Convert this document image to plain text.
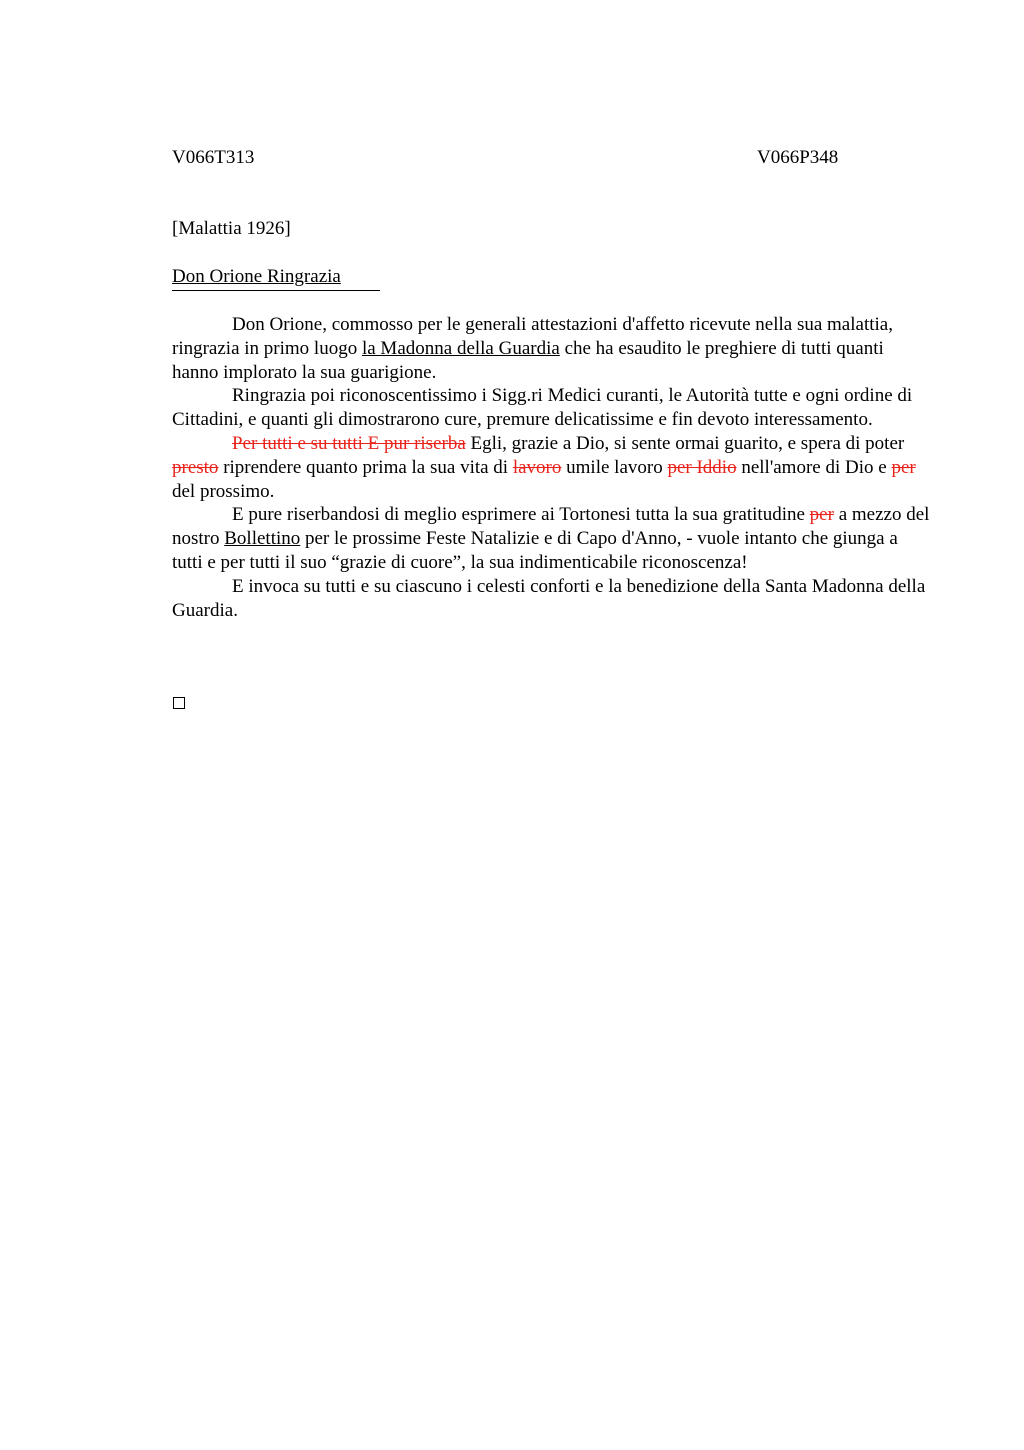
V066T313	V066P348
[Malattia 1926]
Don Orione Ringrazia

Don Orione, commosso per le generali attestazioni d'affetto ricevute nella sua malattia, ringrazia in primo luogo la Madonna della Guardia che ha esaudito le preghiere di tutti quanti hanno implorato la sua guarigione.

Ringrazia poi riconoscentissimo i Sigg.ri Medici curanti, le Autorità tutte e ogni ordine di Cittadini, e quanti gli dimostrarono cure, premure delicatissime e fin devoto interessamento.

Per tutti e su tutti E pur riserba Egli, grazie a Dio, si sente ormai guarito, e spera di poter presto riprendere quanto prima la sua vita di lavoro umile lavoro per Iddio nell'amore di Dio e per del prossimo.

E pure riserbandosi di meglio esprimere ai Tortonesi tutta la sua gratitudine per a mezzo del nostro Bollettino per le prossime Feste Natalizie e di Capo d'Anno, - vuole intanto che giunga a tutti e per tutti il suo “grazie di cuore”, la sua indimenticabile riconoscenza!

E invoca su tutti e su ciascuno i celesti conforti e la benedizione della Santa Madonna della Guardia.
